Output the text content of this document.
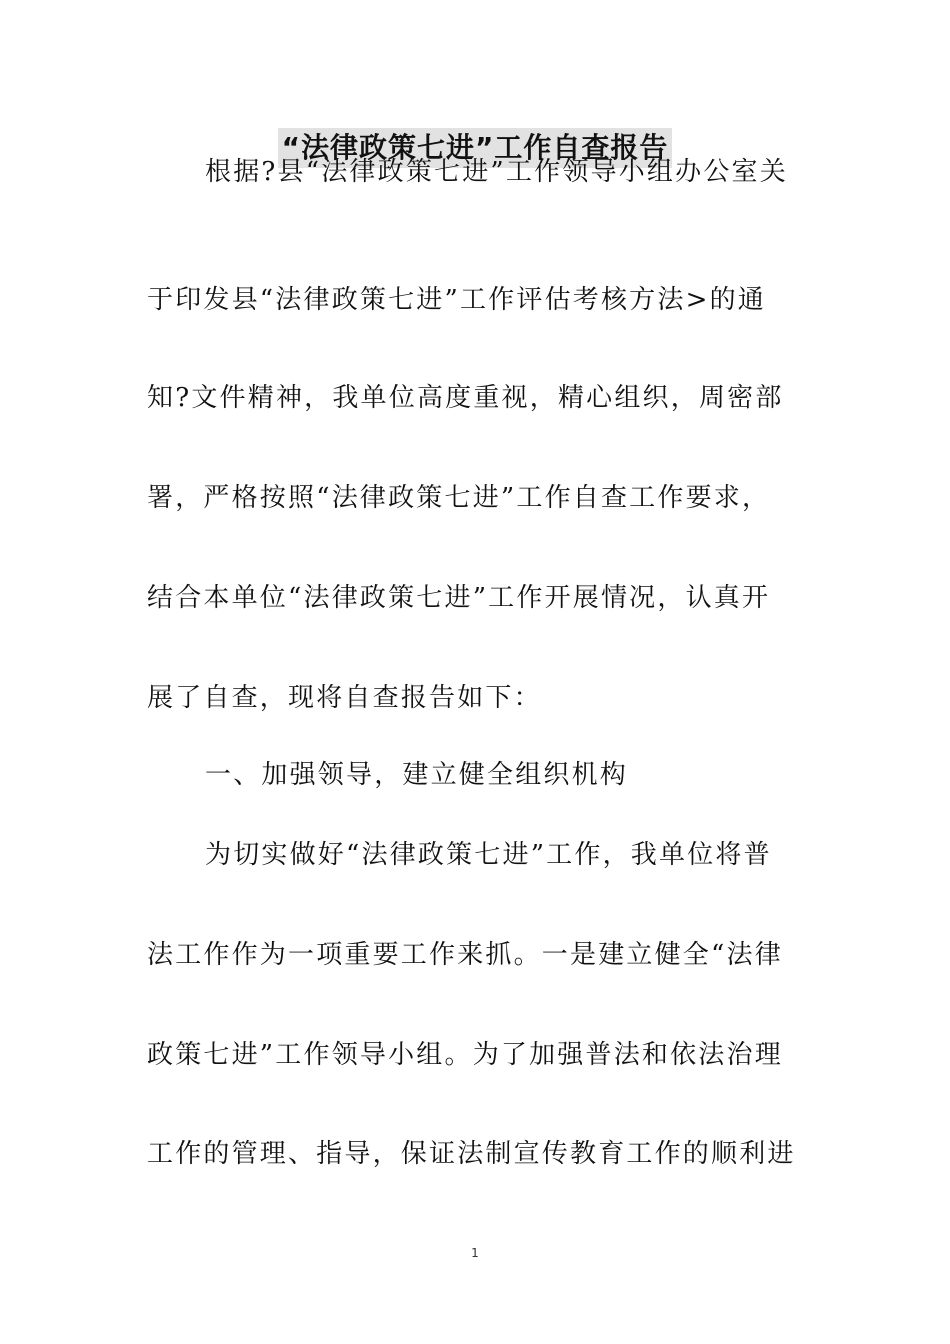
“法律政策七进”工作自查报告
根据?县“法律政策七进”工作领导小组办公室关
于印发县“法律政策七进”工作评估考核方法>的通
知?文件精神，我单位高度重视，精心组织，周密部
署，严格按照“法律政策七进”工作自查工作要求，
结合本单位“法律政策七进”工作开展情况，认真开
展了自查，现将自查报告如下：
一、加强领导，建立健全组织机构
为切实做好“法律政策七进”工作，我单位将普
法工作作为一项重要工作来抓。一是建立健全“法律
政策七进”工作领导小组。为了加强普法和依法治理
工作的管理、指导，保证法制宣传教育工作的顺利进
1
